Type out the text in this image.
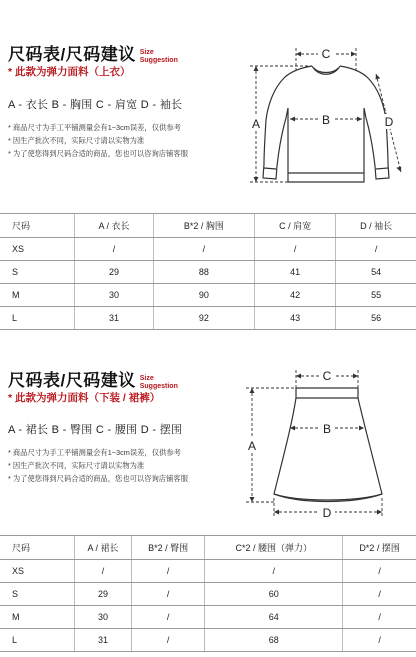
尺码表/尺码建议 Size
Suggestion
* 此款为弹力面料（上衣）
A - 衣长 B - 胸围 C - 肩宽 D - 袖长
* 商品尺寸为手工平铺测量会有1~3cm误差，仅供参考
* 因生产批次不同，实际尺寸请以实物为准
* 为了使您得到尺码合适的商品，您也可以咨询店铺客服
C
B
A	D
尺码	A / 衣长	B*2 / 胸围	C / 肩宽	D / 袖长
XS	/	/	/	/
S	29	88	41	54
M	30	90	42	55
L	31	92	43	56
尺码表/尺码建议 Size
Suggestion
* 此款为弹力面料（下装 / 裙裤）
A - 裙长 B - 臀围 C - 腰围 D - 摆围
* 商品尺寸为手工平铺测量会有1~3cm误差，仅供参考
* 因生产批次不同，实际尺寸请以实物为准
* 为了使您得到尺码合适的商品，您也可以咨询店铺客服
C
B
A
D
尺码	A / 裙长	B*2 / 臀围	C*2 / 腰围（弹力）	D*2 / 摆围
XS	/	/	/	/
S	29	/	60	/
M	30	/	64	/
L	31	/	68	/
